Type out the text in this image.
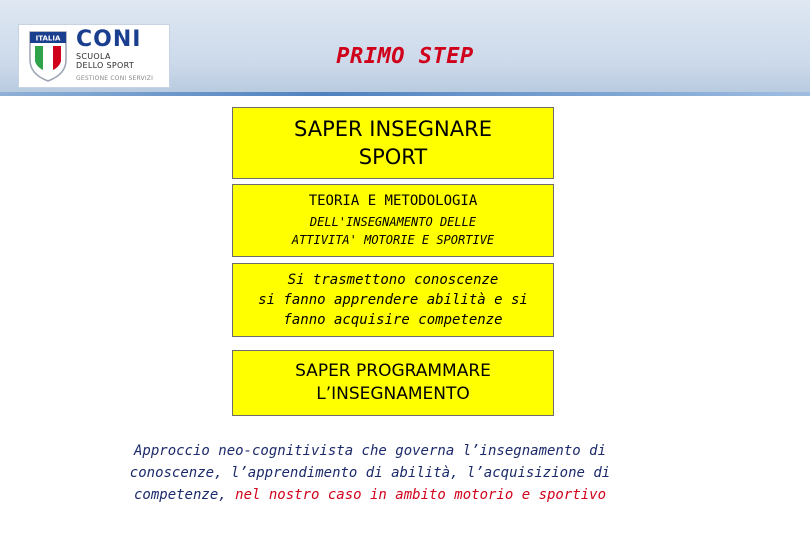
ITALIA CONI
SCUOLA
DELLO SPORT
GESTIONE CONI SERVIZI
PRIMO STEP
SAPER INSEGNARE
SPORT
TEORIA E METODOLOGIA
DELL'INSEGNAMENTO DELLE
ATTIVITA' MOTORIE E SPORTIVE
Si trasmettono conoscenze
si fanno apprendere abilità e si
fanno acquisire competenze
SAPER PROGRAMMARE
L’INSEGNAMENTO
Approccio neo-cognitivista che governa l’insegnamento di
conoscenze, l’apprendimento di abilità, l’acquisizione di
competenze, nel nostro caso in ambito motorio e sportivo
